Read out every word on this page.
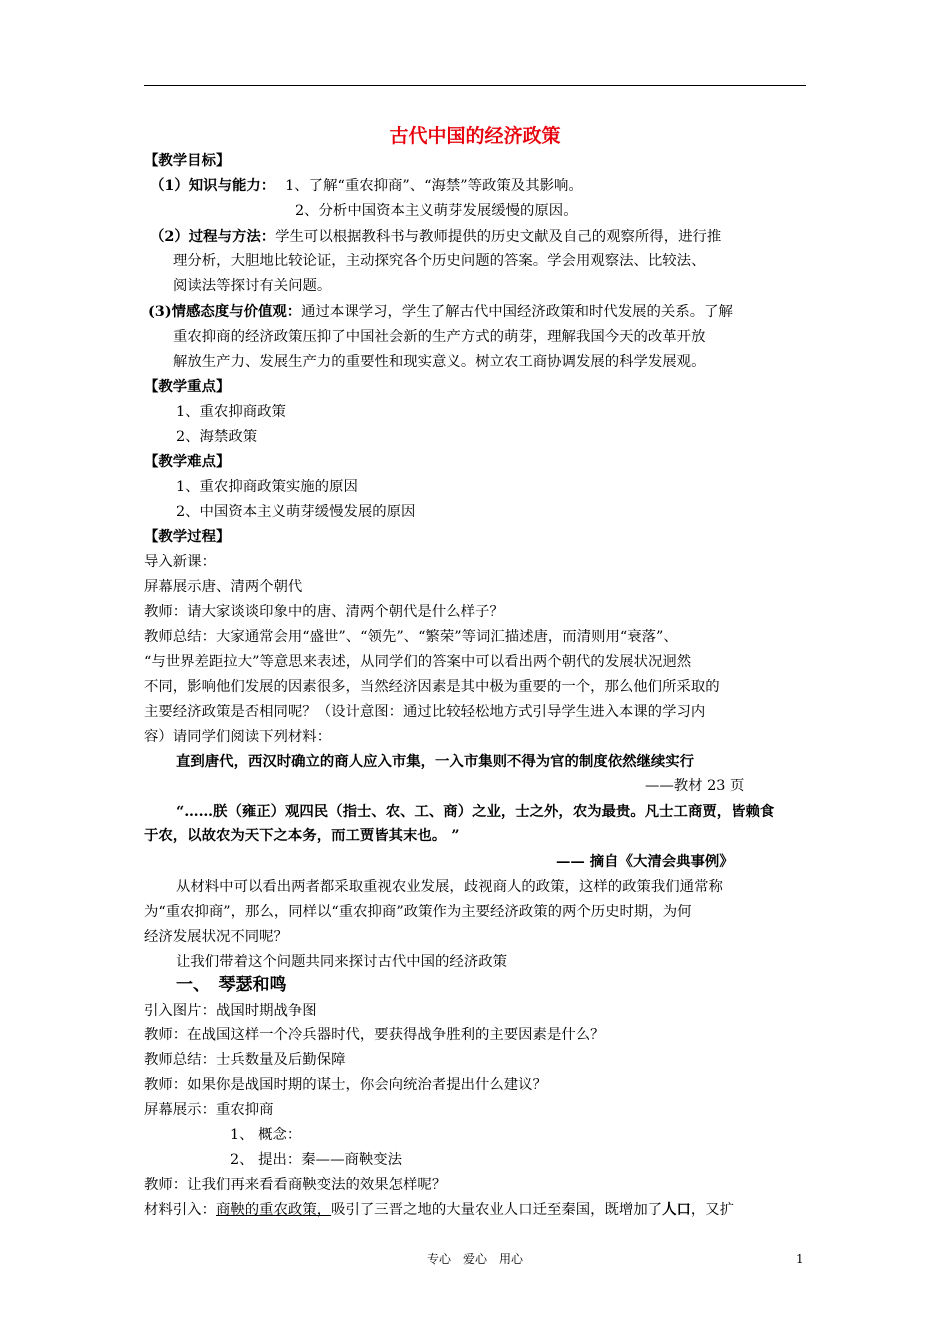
古代中国的经济政策
【教学目标】
（1）知识与能力： 1、了解“重农抑商”、“海禁”等政策及其影响。
2、分析中国资本主义萌芽发展缓慢的原因。
（2）过程与方法：学生可以根据教科书与教师提供的历史文献及自己的观察所得，进行推
理分析，大胆地比较论证，主动探究各个历史问题的答案。学会用观察法、比较法、
阅读法等探讨有关问题。
(3)情感态度与价值观：通过本课学习，学生了解古代中国经济政策和时代发展的关系。了解
重农抑商的经济政策压抑了中国社会新的生产方式的萌芽，理解我国今天的改革开放
解放生产力、发展生产力的重要性和现实意义。树立农工商协调发展的科学发展观。
【教学重点】
1、重农抑商政策
2、海禁政策
【教学难点】
1、重农抑商政策实施的原因
2、中国资本主义萌芽缓慢发展的原因
【教学过程】
导入新课：
屏幕展示唐、清两个朝代
教师：请大家谈谈印象中的唐、清两个朝代是什么样子？
教师总结：大家通常会用“盛世”、“领先”、“繁荣”等词汇描述唐，而清则用“衰落”、
“与世界差距拉大”等意思来表述，从同学们的答案中可以看出两个朝代的发展状况迥然
不同，影响他们发展的因素很多，当然经济因素是其中极为重要的一个，那么他们所采取的
主要经济政策是否相同呢？（设计意图：通过比较轻松地方式引导学生进入本课的学习内
容）请同学们阅读下列材料：
直到唐代，西汉时确立的商人应入市集，一入市集则不得为官的制度依然继续实行
——教材 23 页
“……朕（雍正）观四民（指士、农、工、商）之业，士之外，农为最贵。凡士工商贾，皆赖食
于农，以故农为天下之本务，而工贾皆其末也。 ”
—— 摘自《大清会典事例》
从材料中可以看出两者都采取重视农业发展，歧视商人的政策，这样的政策我们通常称
为“重农抑商”，那么，同样以“重农抑商”政策作为主要经济政策的两个历史时期，为何
经济发展状况不同呢？
让我们带着这个问题共同来探讨古代中国的经济政策
一、　琴瑟和鸣
引入图片：战国时期战争图
教师：在战国这样一个冷兵器时代，要获得战争胜利的主要因素是什么？
教师总结：士兵数量及后勤保障
教师：如果你是战国时期的谋士，你会向统治者提出什么建议？
屏幕展示：重农抑商
1、 概念：
2、 提出：秦——商鞅变法
教师：让我们再来看看商鞅变法的效果怎样呢？
材料引入：商鞅的重农政策，吸引了三晋之地的大量农业人口迁至秦国，既增加了人口，又扩
专心　爱心　用心	1
